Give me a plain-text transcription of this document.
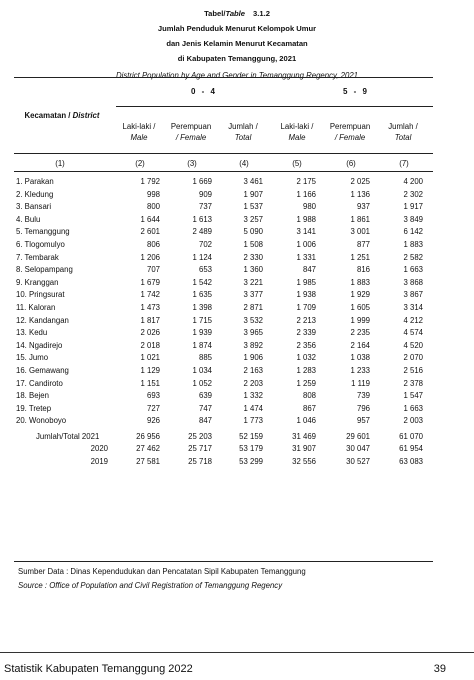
Tabel/Table 3.1.2
Jumlah Penduduk Menurut Kelompok Umur
dan Jenis Kelamin Menurut Kecamatan
di Kabupaten Temanggung, 2021
District Population by Age and Gender in Temanggung Regency, 2021
Kecamatan / District
0 - 4	5 - 9
Laki-laki /
Male
Perempuan
/ Female
Jumlah /
Total
Laki-laki /
Male
Perempuan
/ Female
Jumlah /
Total
(1)	(2)	(3)	(4)	(5)	(6)	(7)
1. Parakan	1 792	1 669	3 461	2 175	2 025	4 200
2. Kledung	998	909	1 907	1 166	1 136	2 302
3. Bansari	800	737	1 537	980	937	1 917
4. Bulu	1 644	1 613	3 257	1 988	1 861	3 849
5. Temanggung	2 601	2 489	5 090	3 141	3 001	6 142
6. Tlogomulyo	806	702	1 508	1 006	877	1 883
7. Tembarak	1 206	1 124	2 330	1 331	1 251	2 582
8. Selopampang	707	653	1 360	847	816	1 663
9. Kranggan	1 679	1 542	3 221	1 985	1 883	3 868
10. Pringsurat	1 742	1 635	3 377	1 938	1 929	3 867
11. Kaloran	1 473	1 398	2 871	1 709	1 605	3 314
12. Kandangan	1 817	1 715	3 532	2 213	1 999	4 212
13. Kedu	2 026	1 939	3 965	2 339	2 235	4 574
14. Ngadirejo	2 018	1 874	3 892	2 356	2 164	4 520
15. Jumo	1 021	885	1 906	1 032	1 038	2 070
16. Gemawang	1 129	1 034	2 163	1 283	1 233	2 516
17. Candiroto	1 151	1 052	2 203	1 259	1 119	2 378
18. Bejen	693	639	1 332	808	739	1 547
19. Tretep	727	747	1 474	867	796	1 663
20. Wonoboyo	926	847	1 773	1 046	957	2 003
Jumlah/Total 2021	26 956	25 203	52 159	31 469	29 601	61 070
2020	27 462	25 717	53 179	31 907	30 047	61 954
2019	27 581	25 718	53 299	32 556	30 527	63 083
Sumber Data : Dinas Kependudukan dan Pencatatan Sipil Kabupaten Temanggung
Source : Office of Population and Civil Registration of Temanggung Regency
Statistik Kabupaten Temanggung 2022	39
